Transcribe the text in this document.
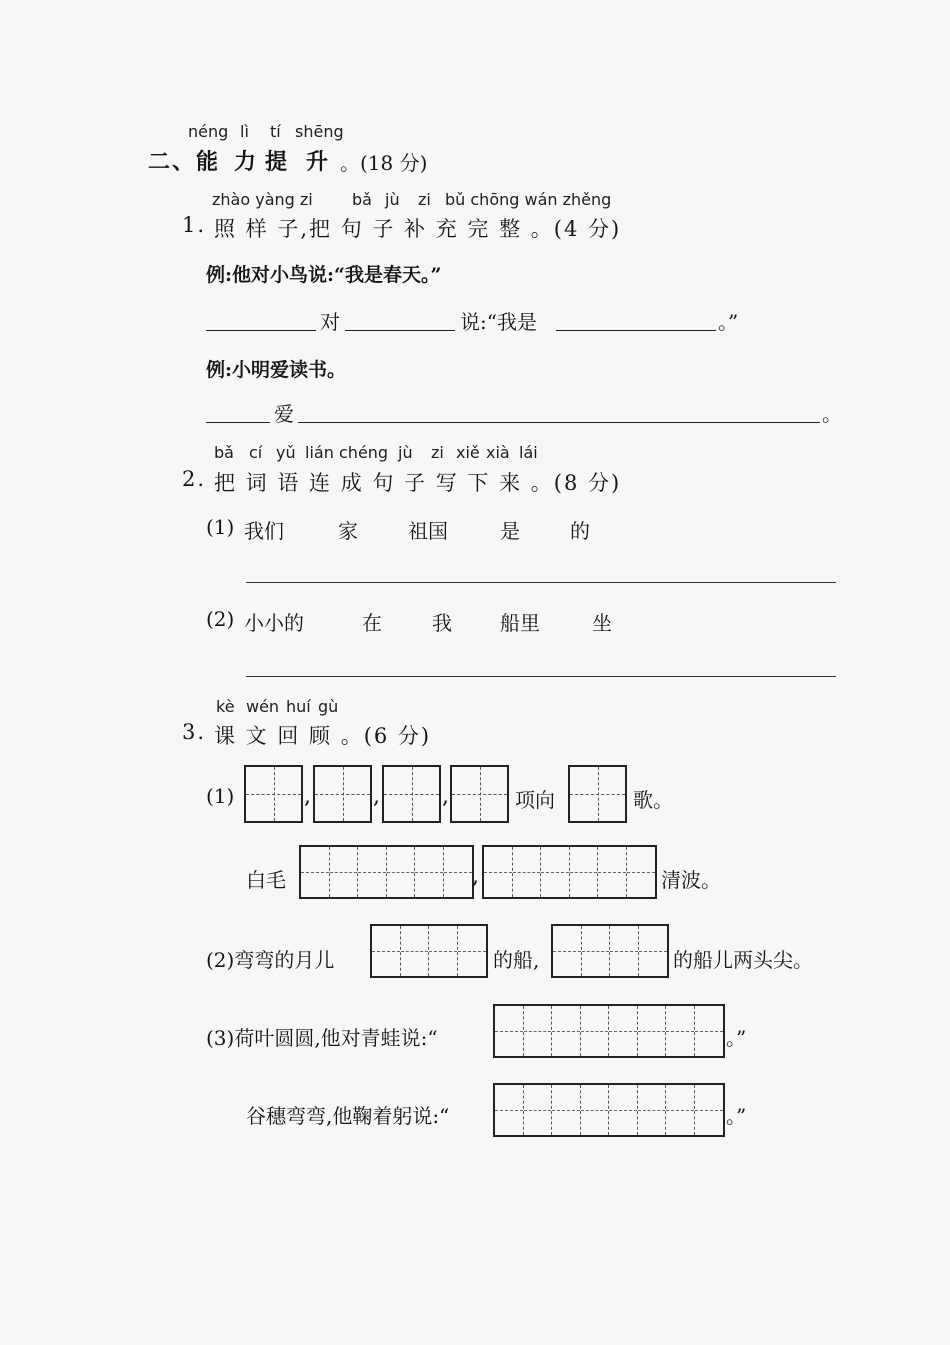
néng lì tí shēng
二、 能 力 提 升 。(18 分)
zhào yàng zi bǎ jù zi bǔ chōng wán zhěng
1. 照 样 子,把 句 子 补 充 完 整 。(4 分)
例:他对小鸟说:“我是春天。”
对	说:“我是	。”
例:小明爱读书。
爱	。
bǎ cí yǔ lián chéng jù zi xiě xià lái
2. 把 词 语 连 成 句 子 写 下 来 。(8 分)
(1) 我们	家	祖国	是	的
(2) 小小的	在	我 船里	坐
kè wén huí gù
3. 课 文 回 顾 。(6 分)
(1)	,	,	,	项向	歌。
白毛	,	清波。
(2)弯弯的月儿	的船,	的船儿两头尖。
(3)荷叶圆圆,他对青蛙说:“	。”
谷穗弯弯,他鞠着躬说:“	。”
